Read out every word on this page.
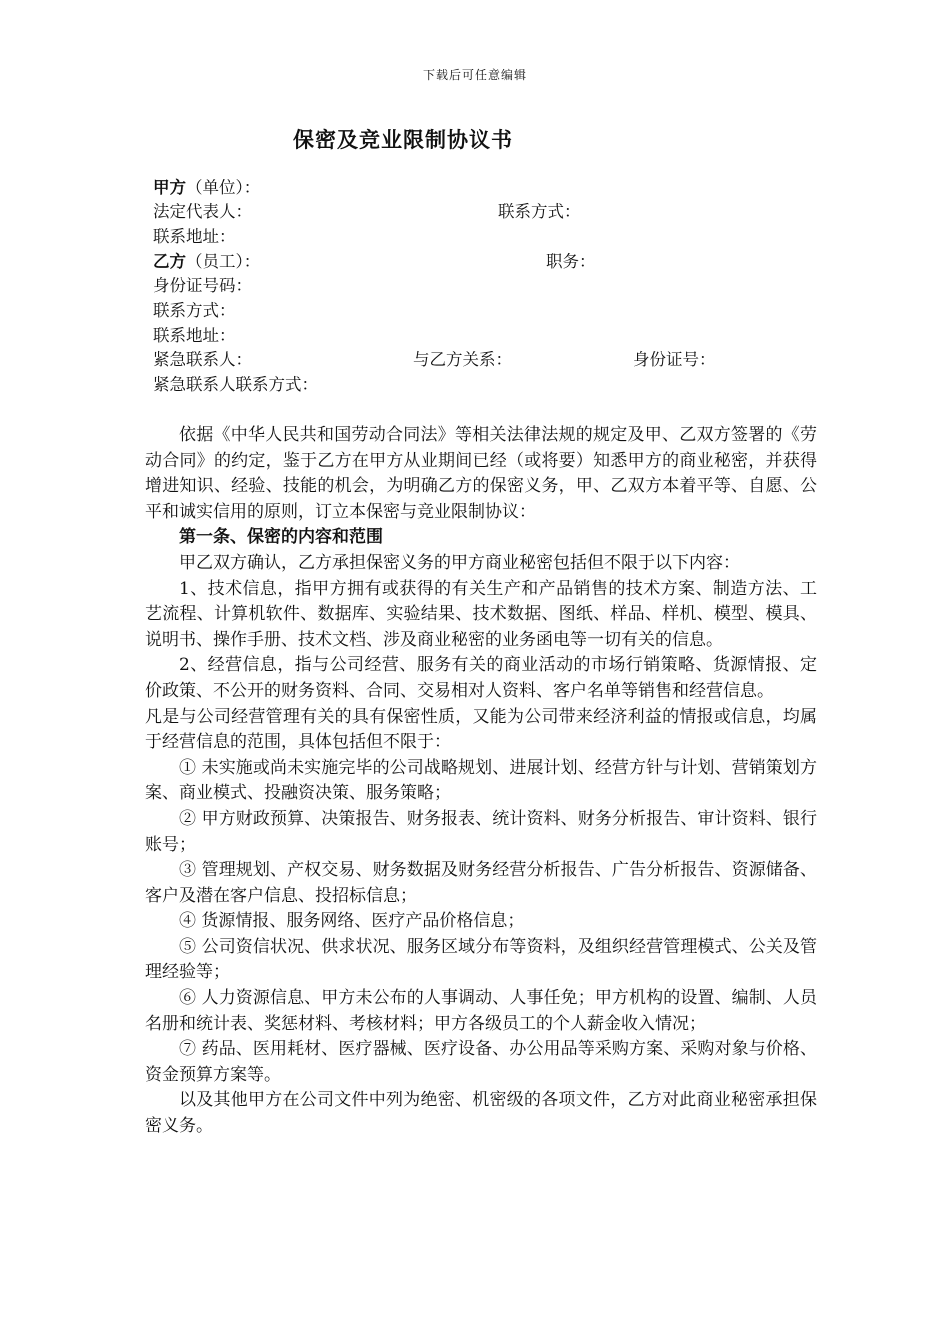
下载后可任意编辑
保密及竞业限制协议书
甲方（单位）：
法定代表人：	联系方式：
联系地址：
乙方（员工）：	职务：
身份证号码：
联系方式：
联系地址：
紧急联系人：	与乙方关系：	身份证号：
紧急联系人联系方式：

依据《中华人民共和国劳动合同法》等相关法律法规的规定及甲、乙双方签署的《劳动合同》的约定，鉴于乙方在甲方从业期间已经（或将要）知悉甲方的商业秘密，并获得增进知识、经验、技能的机会，为明确乙方的保密义务，甲、乙双方本着平等、自愿、公平和诚实信用的原则，订立本保密与竞业限制协议：

第一条、保密的内容和范围

甲乙双方确认，乙方承担保密义务的甲方商业秘密包括但不限于以下内容：

1、技术信息，指甲方拥有或获得的有关生产和产品销售的技术方案、制造方法、工艺流程、计算机软件、数据库、实验结果、技术数据、图纸、样品、样机、模型、模具、说明书、操作手册、技术文档、涉及商业秘密的业务函电等一切有关的信息。

2、经营信息，指与公司经营、服务有关的商业活动的市场行销策略、货源情报、定价政策、不公开的财务资料、合同、交易相对人资料、客户名单等销售和经营信息。

凡是与公司经营管理有关的具有保密性质，又能为公司带来经济利益的情报或信息，均属于经营信息的范围，具体包括但不限于：

① 未实施或尚未实施完毕的公司战略规划、进展计划、经营方针与计划、营销策划方案、商业模式、投融资决策、服务策略；

② 甲方财政预算、决策报告、财务报表、统计资料、财务分析报告、审计资料、银行账号；

③ 管理规划、产权交易、财务数据及财务经营分析报告、广告分析报告、资源储备、客户及潜在客户信息、投招标信息；

④ 货源情报、服务网络、医疗产品价格信息；

⑤ 公司资信状况、供求状况、服务区域分布等资料，及组织经营管理模式、公关及管理经验等；

⑥ 人力资源信息、甲方未公布的人事调动、人事任免；甲方机构的设置、编制、人员名册和统计表、奖惩材料、考核材料；甲方各级员工的个人薪金收入情况；

⑦ 药品、医用耗材、医疗器械、医疗设备、办公用品等采购方案、采购对象与价格、资金预算方案等。

以及其他甲方在公司文件中列为绝密、机密级的各项文件，乙方对此商业秘密承担保密义务。
